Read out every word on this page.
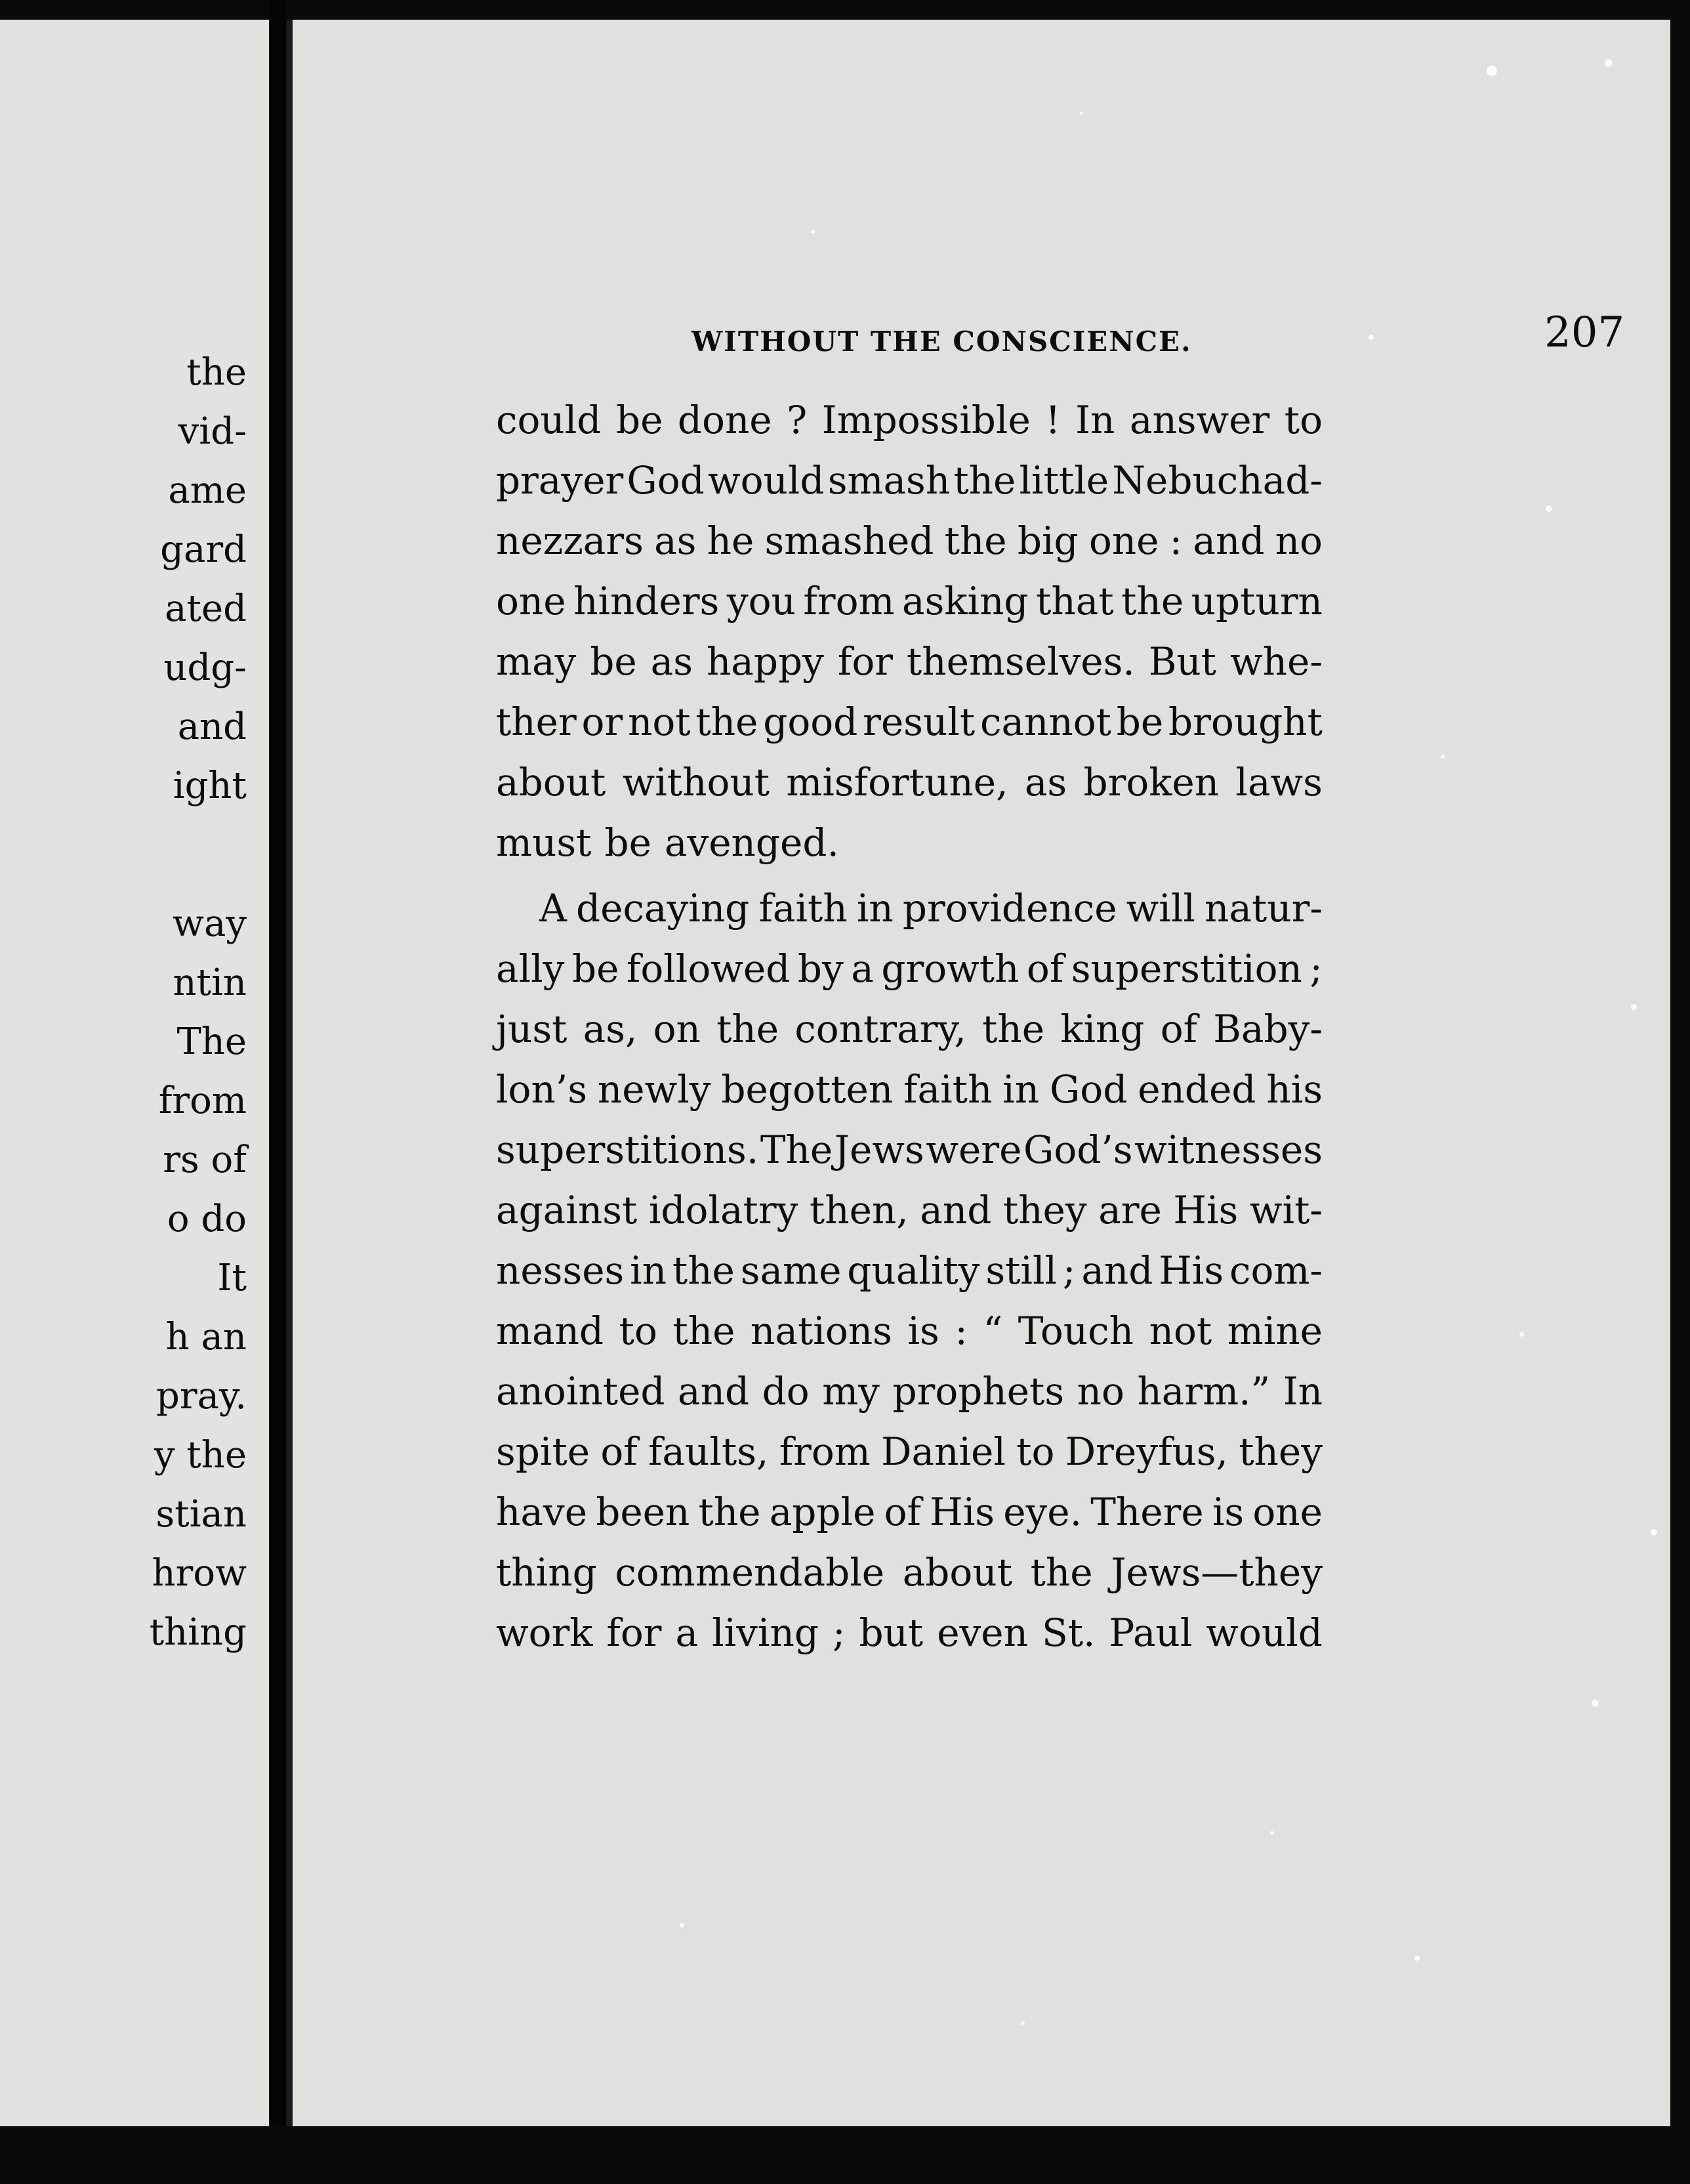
the
vid-
ame
gard
ated
udg-
and
ight
way
ntin
The
from
rs of
o do
It
h an
pray.
y the
stian
hrow
thing
WITHOUT THE CONSCIENCE.	207
could be done ? Impossible ! In answer to
prayer God would smash the little Nebuchad-
nezzars as he smashed the big one : and no
one hinders you from asking that the upturn
may be as happy for themselves. But whe-
ther or not the good result cannot be brought
about without misfortune, as broken laws
must be avenged.
A decaying faith in providence will natur-
ally be followed by a growth of superstition ;
just as, on the contrary, the king of Baby-
lon’s newly begotten faith in God ended his
superstitions. The Jews were God’s witnesses
against idolatry then, and they are His wit-
nesses in the same quality still ; and His com-
mand to the nations is : “ Touch not mine
anointed and do my prophets no harm.” In
spite of faults, from Daniel to Dreyfus, they
have been the apple of His eye. There is one
thing commendable about the Jews—they
work for a living ; but even St. Paul would
